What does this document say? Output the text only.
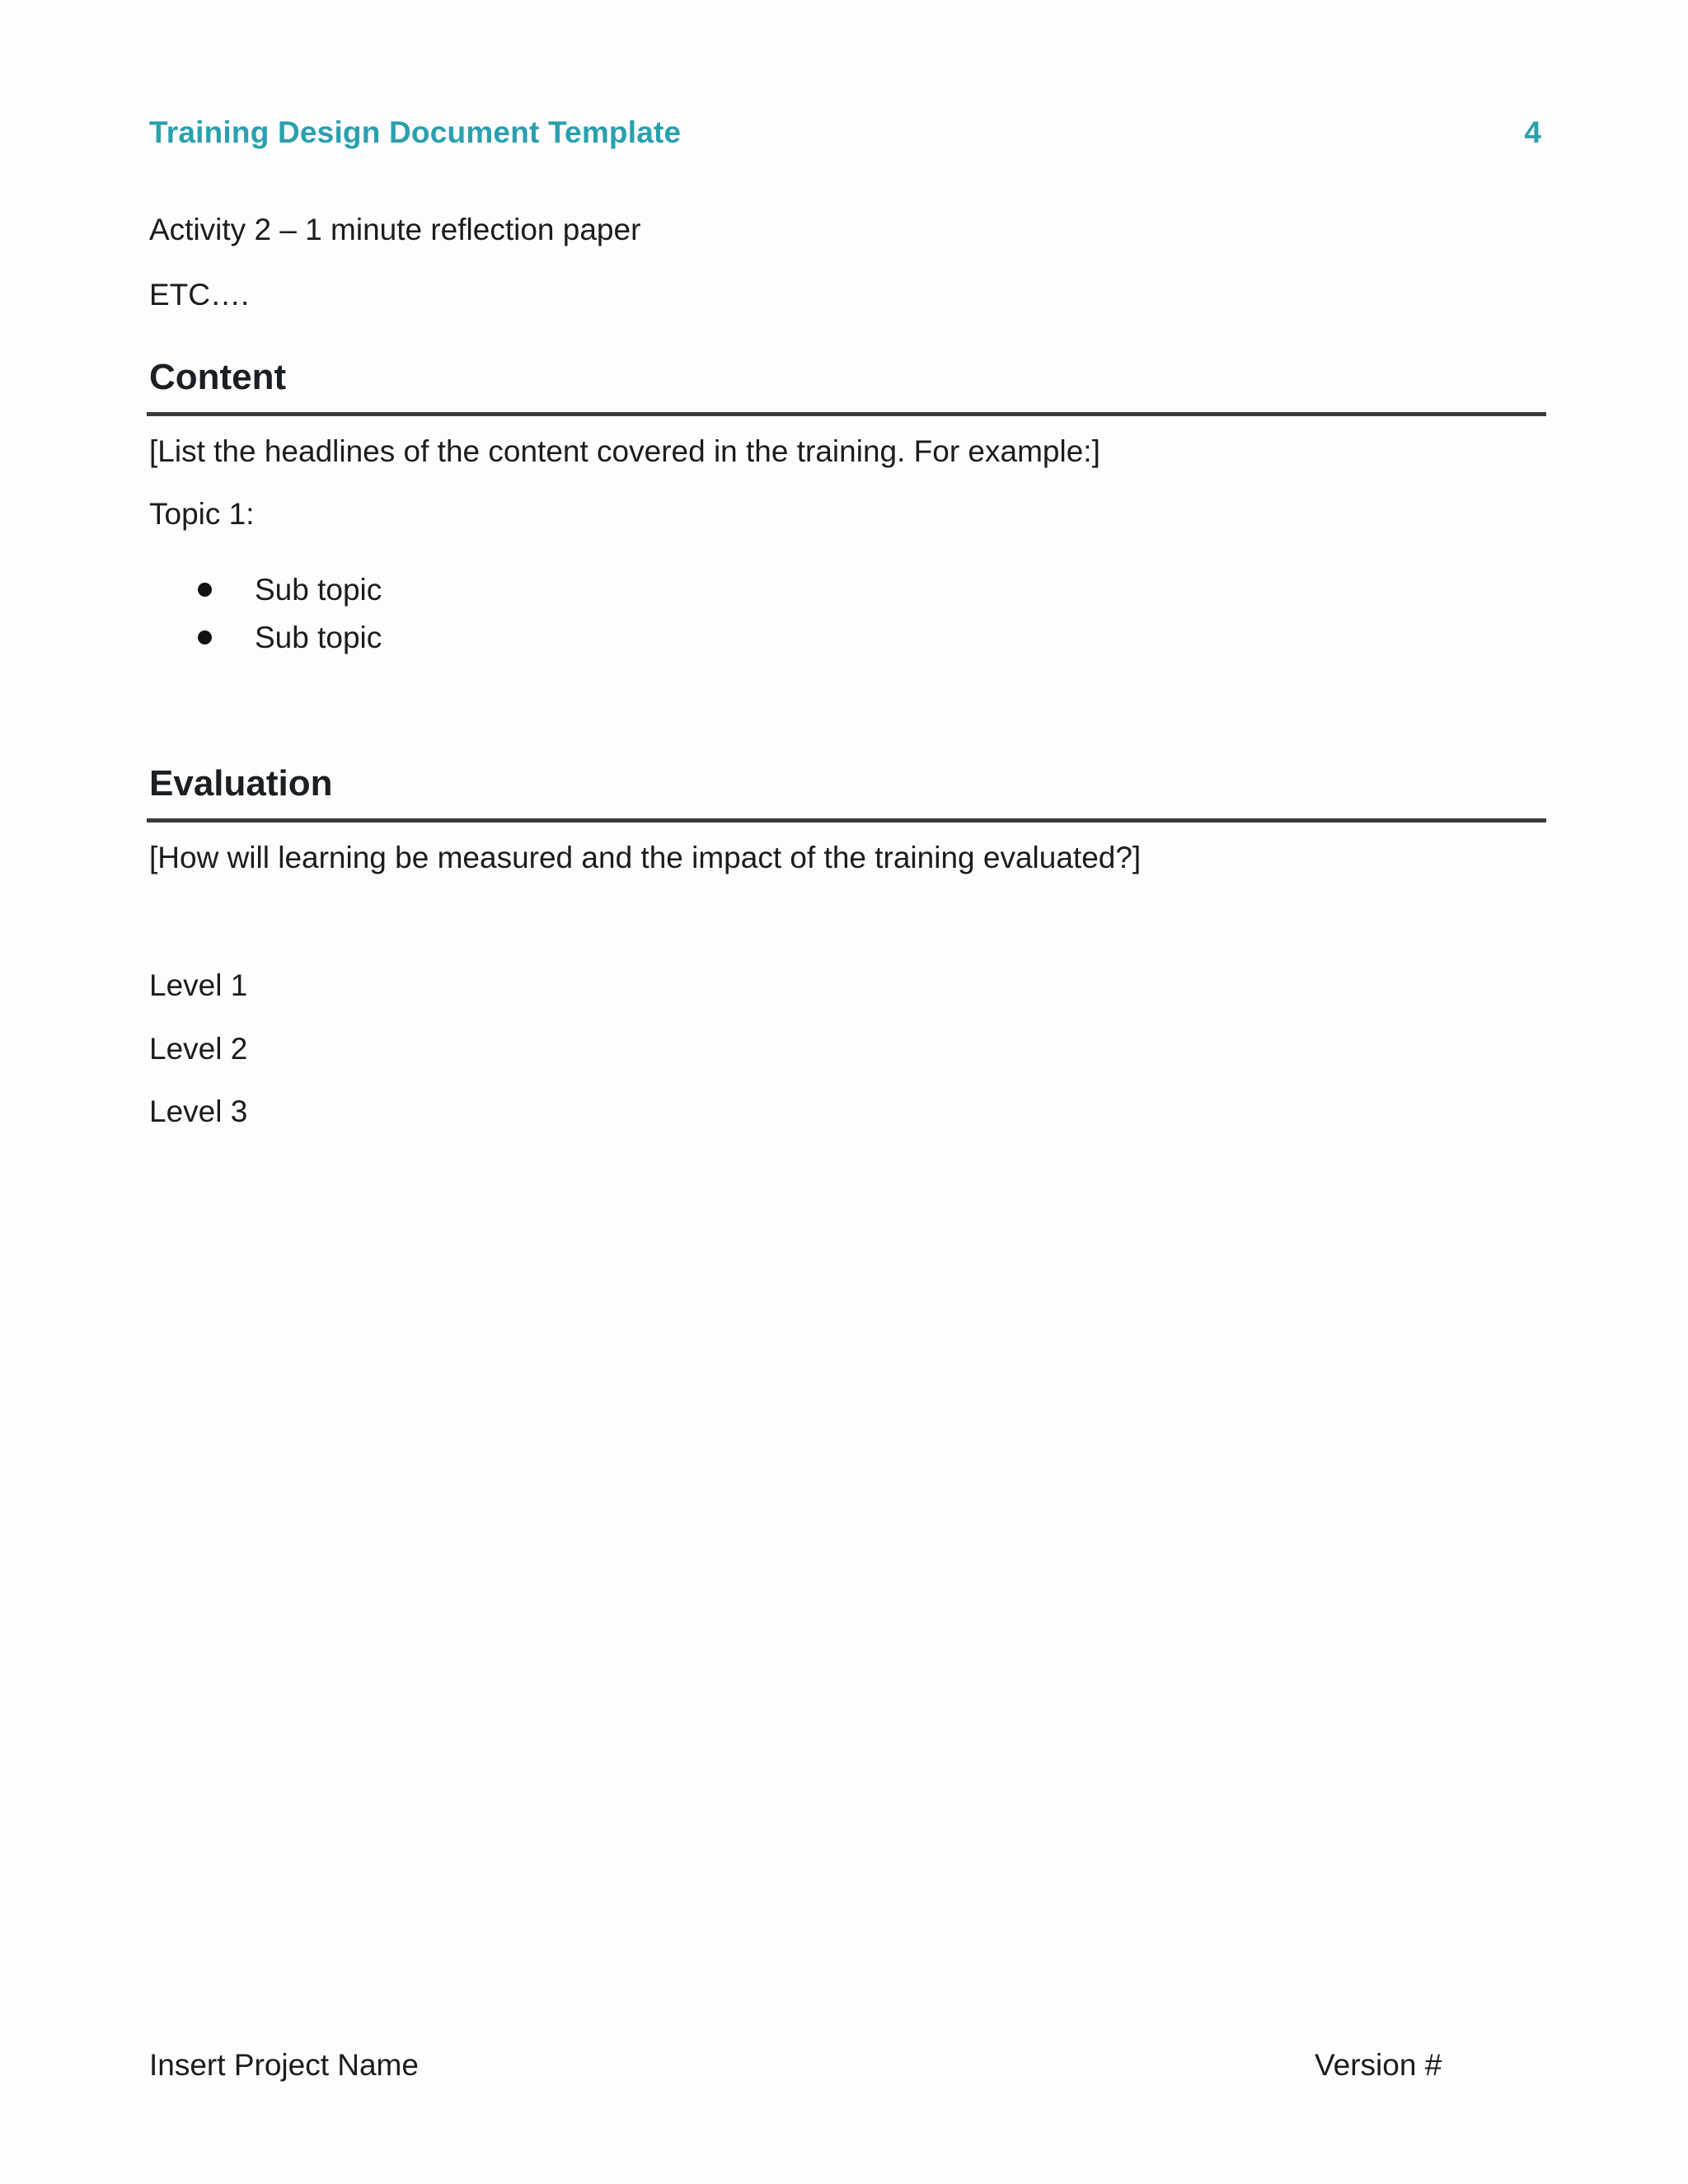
Training Design Document Template	4
Activity 2 – 1 minute reflection paper
ETC….
Content
[List the headlines of the content covered in the training. For example:]
Topic 1:
Sub topic
Sub topic
Evaluation
[How will learning be measured and the impact of the training evaluated?]
Level 1
Level 2
Level 3
Insert Project Name	Version #
